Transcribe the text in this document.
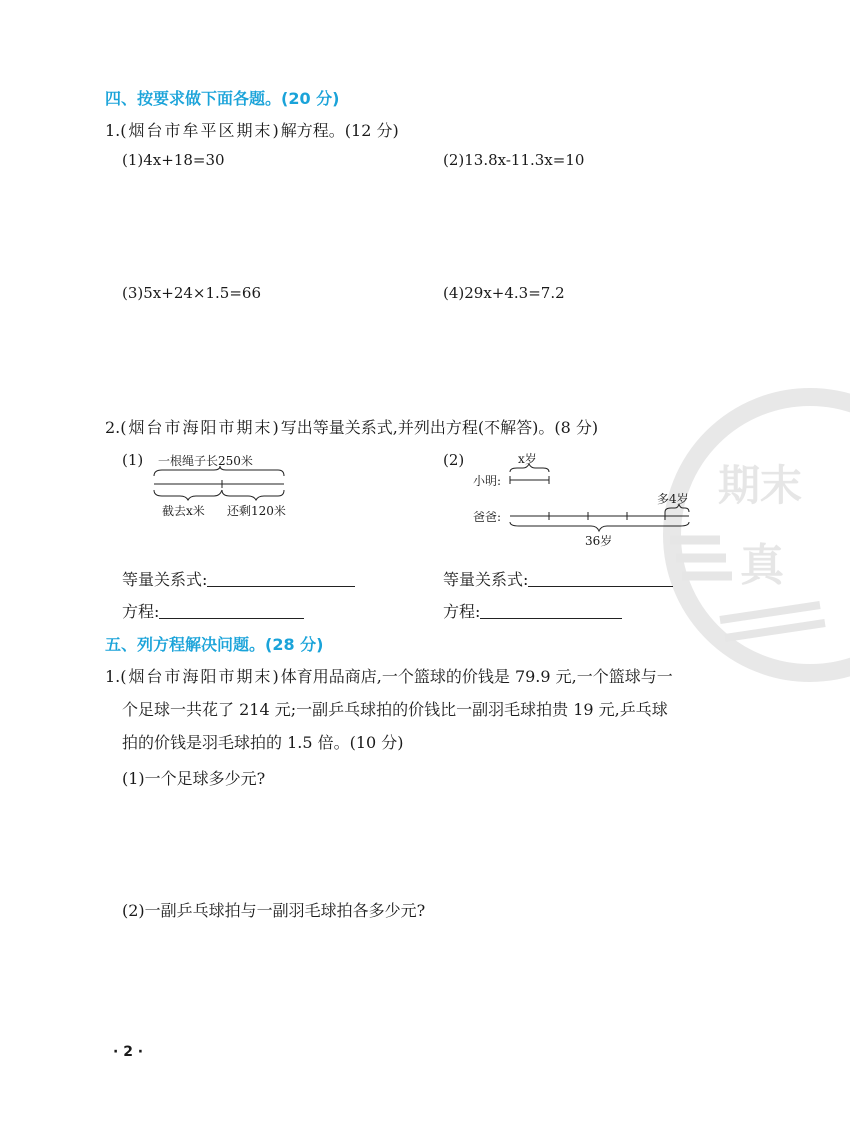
期末
真
四、按要求做下面各题。(20 分)
1.(烟台市牟平区期末)解方程。(12 分)
(1)4x+18=30	(2)13.8x-11.3x=10
(3)5x+24×1.5=66	(4)29x+4.3=7.2
2.(烟台市海阳市期末)写出等量关系式,并列出方程(不解答)。(8 分)
(1) 一根绳子长250米
截去x米 还剩120米
(2)	x岁
小明:
爸爸:
多4岁
36岁
等量关系式:	等量关系式:
方程:	方程:
五、列方程解决问题。(28 分)
1.(烟台市海阳市期末)体育用品商店,一个篮球的价钱是 79.9 元,一个篮球与一
个足球一共花了 214 元;一副乒乓球拍的价钱比一副羽毛球拍贵 19 元,乒乓球
拍的价钱是羽毛球拍的 1.5 倍。(10 分)
(1)一个足球多少元?
(2)一副乒乓球拍与一副羽毛球拍各多少元?
· 2 ·
